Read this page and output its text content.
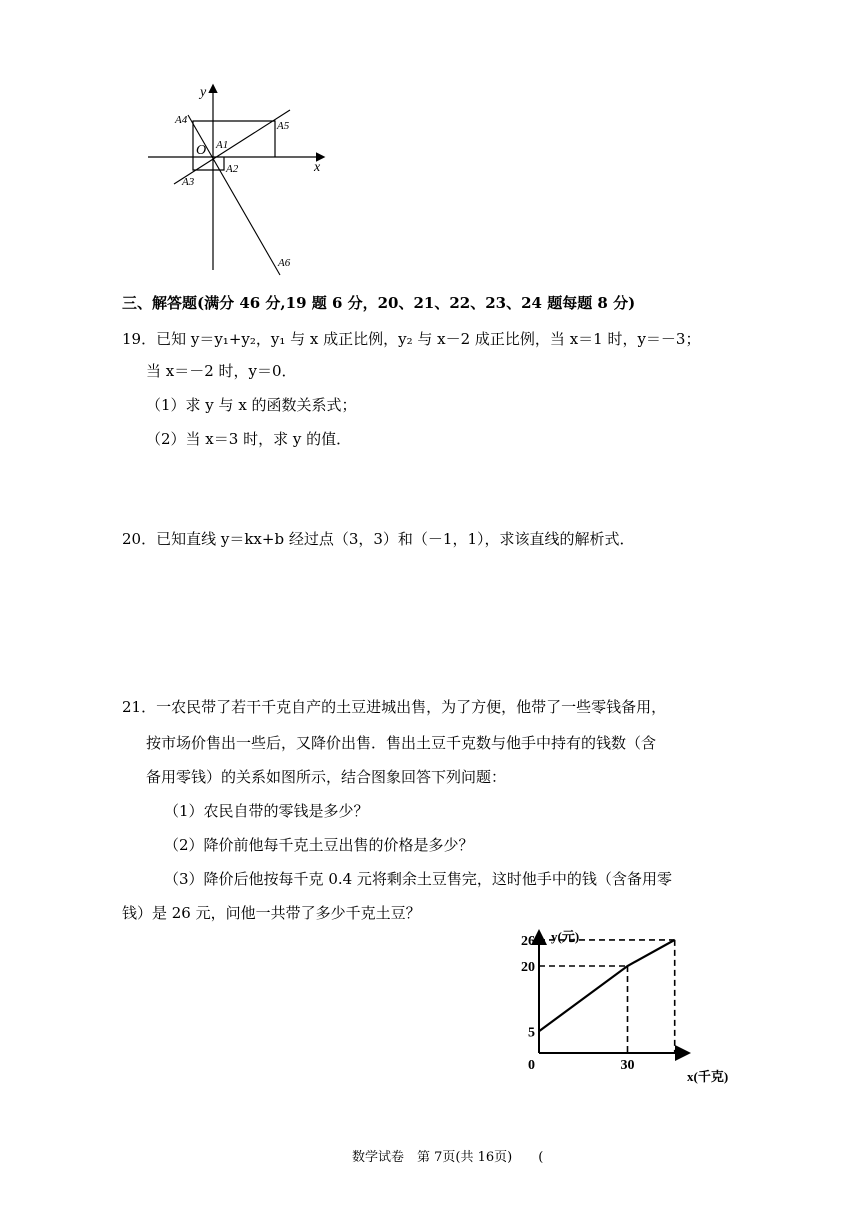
y
x
O A1
A2
A3
A4	A5
A6
三、解答题(满分 46 分,19 题 6 分，20、21、22、23、24 题每题 8 分)
19．已知 y＝y₁+y₂，y₁ 与 x 成正比例，y₂ 与 x－2 成正比例，当 x＝1 时，y＝－3；
当 x＝－2 时，y＝0．
（1）求 y 与 x 的函数关系式；
（2）当 x＝3 时，求 y 的值．
20．已知直线 y＝kx+b 经过点（3，3）和（－1，1），求该直线的解析式．
21．一农民带了若干千克自产的土豆进城出售，为了方便，他带了一些零钱备用，
按市场价售出一些后，又降价出售．售出土豆千克数与他手中持有的钱数（含
备用零钱）的关系如图所示，结合图象回答下列问题：
（1）农民自带的零钱是多少？
（2）降价前他每千克土豆出售的价格是多少？
（3）降价后他按每千克 0.4 元将剩余土豆售完，这时他手中的钱（含备用零
钱）是 26 元，问他一共带了多少千克土豆？
5
20
26
0	30
y(元)
x(千克)
数学试卷　第 7页(共 16页)　　(
